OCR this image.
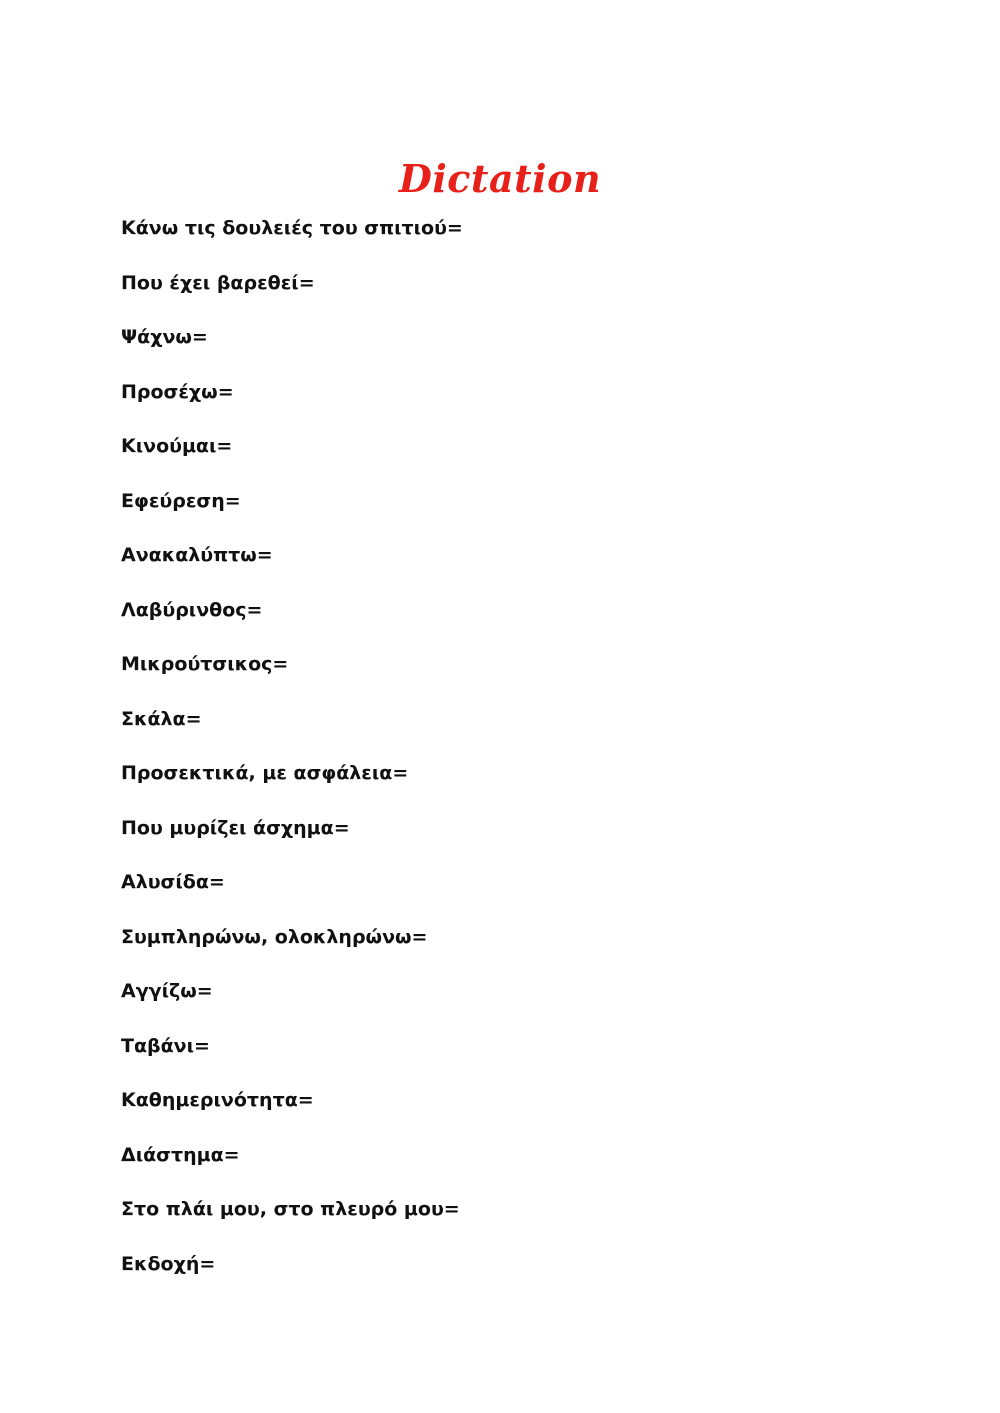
Dictation
Κάνω τις δουλειές του σπιτιού=
Που έχει βαρεθεί=
Ψάχνω=
Προσέχω=
Κινούμαι=
Εφεύρεση=
Ανακαλύπτω=
Λαβύρινθος=
Μικρούτσικος=
Σκάλα=
Προσεκτικά, με ασφάλεια=
Που μυρίζει άσχημα=
Αλυσίδα=
Συμπληρώνω, ολοκληρώνω=
Αγγίζω=
Ταβάνι=
Καθημερινότητα=
Διάστημα=
Στο πλάι μου, στο πλευρό μου=
Εκδοχή=
